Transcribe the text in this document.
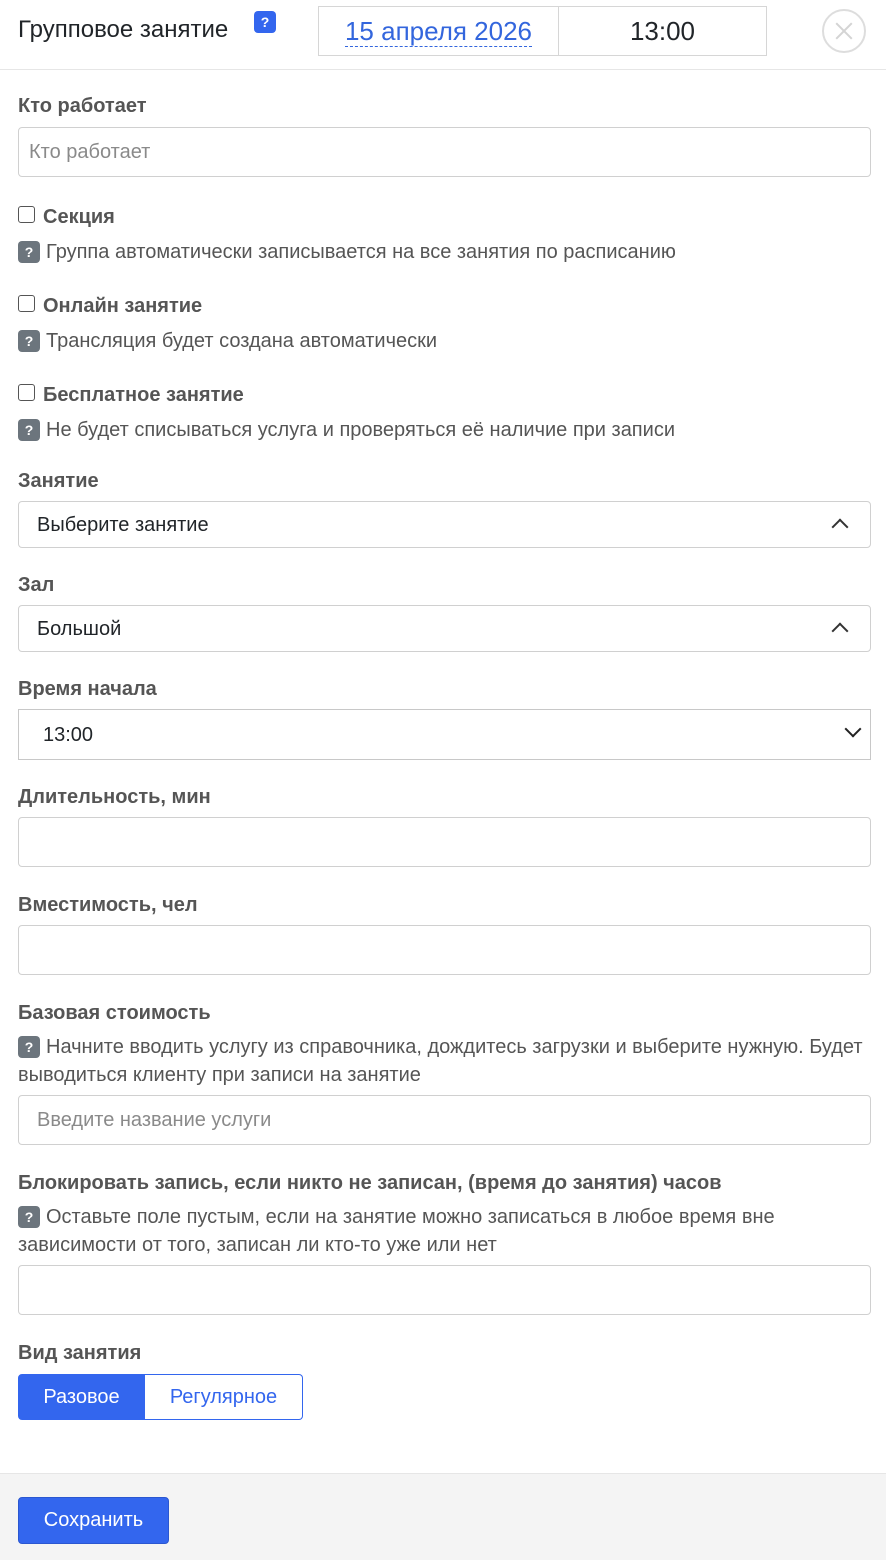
Групповое занятие	?	15 апреля 2026	13:00
Кто работает
Кто работает
Секция
? Группа автоматически записывается на все занятия по расписанию
Онлайн занятие
? Трансляция будет создана автоматически
Бесплатное занятие
? Не будет списываться услуга и проверяться её наличие при записи
Занятие
Выберите занятие
Зал
Большой
Время начала
13:00
Длительность, мин
Вместимость, чел
Базовая стоимость
? Начните вводить услугу из справочника, дождитесь загрузки и выберите нужную. Будет выводиться клиенту при записи на занятие
Введите название услуги
Блокировать запись, если никто не записан, (время до занятия) часов
? Оставьте поле пустым, если на занятие можно записаться в любое время вне зависимости от того, записан ли кто-то уже или нет
Вид занятия
Разовое	Регулярное
Сохранить
